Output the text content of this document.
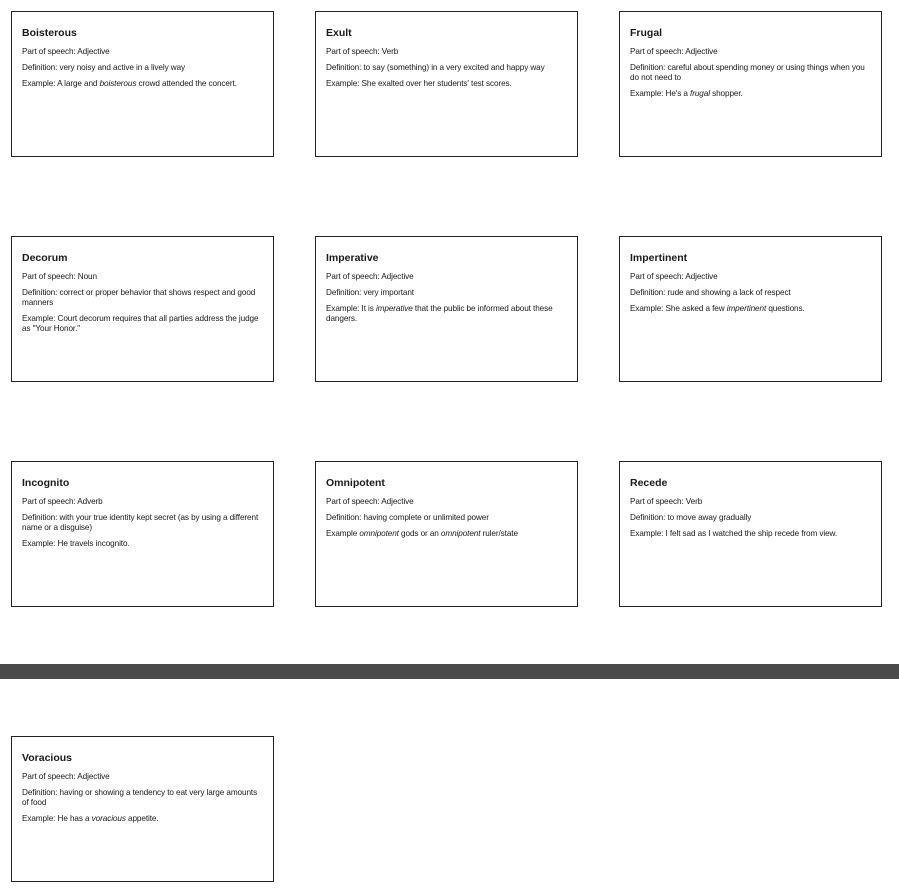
Boisterous
Part of speech: Adjective
Definition: very noisy and active in a lively way
Example: A large and boisterous crowd attended the concert.
Exult
Part of speech: Verb
Definition: to say (something) in a very excited and happy way
Example: She exalted over her students' test scores.
Frugal
Part of speech: Adjective
Definition: careful about spending money or using things when you do not need to
Example: He's a frugal shopper.
Decorum
Part of speech: Noun
Definition: correct or proper behavior that shows respect and good manners
Example: Court decorum requires that all parties address the judge as "Your Honor."
Imperative
Part of speech: Adjective
Definition: very important
Example: It is imperative that the public be informed about these dangers.
Impertinent
Part of speech: Adjective
Definition: rude and showing a lack of respect
Example: She asked a few impertinent questions.
Incognito
Part of speech: Adverb
Definition: with your true identity kept secret (as by using a different name or a disguise)
Example: He travels incognito.
Omnipotent
Part of speech: Adjective
Definition: having complete or unlimited power
Example omnipotent gods or an omnipotent ruler/state
Recede
Part of speech: Verb
Definition: to move away gradually
Example: I felt sad as I watched the ship recede from view.
Voracious
Part of speech: Adjective
Definition: having or showing a tendency to eat very large amounts of food
Example: He has a voracious appetite.
